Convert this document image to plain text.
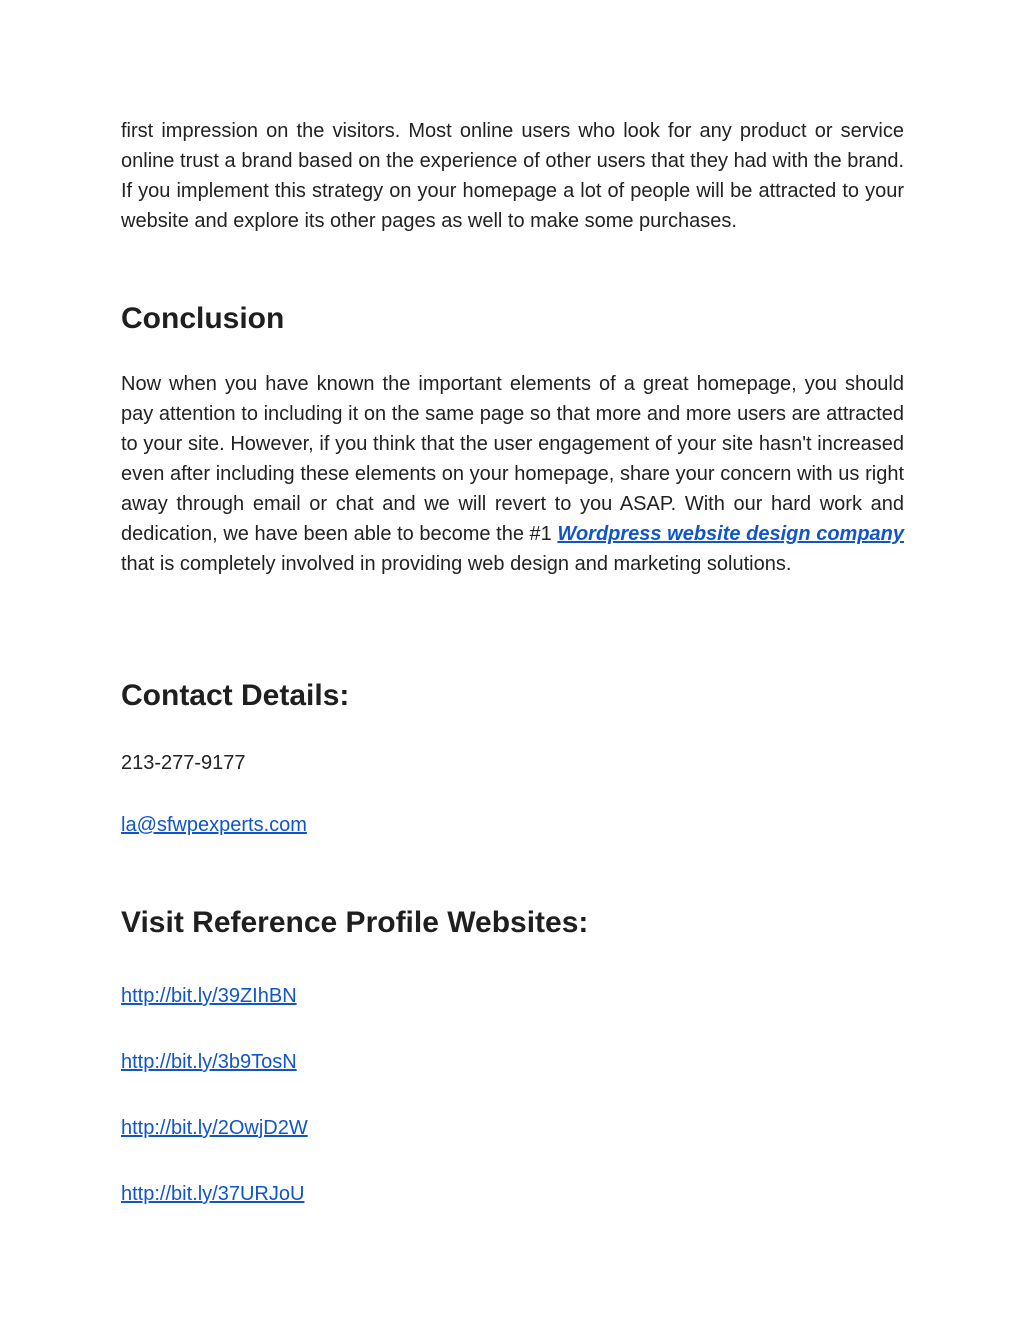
first impression on the visitors. Most online users who look for any product or service online trust a brand based on the experience of other users that they had with the brand. If you implement this strategy on your homepage a lot of people will be attracted to your website and explore its other pages as well to make some purchases.

Conclusion

Now when you have known the important elements of a great homepage, you should pay attention to including it on the same page so that more and more users are attracted to your site. However, if you think that the user engagement of your site hasn't increased even after including these elements on your homepage, share your concern with us right away through email or chat and we will revert to you ASAP. With our hard work and dedication, we have been able to become the #1 Wordpress website design company that is completely involved in providing web design and marketing solutions.

Contact Details:

213-277-9177

la@sfwpexperts.com
Visit Reference Profile Websites:
http://bit.ly/39ZIhBN
http://bit.ly/3b9TosN
http://bit.ly/2OwjD2W
http://bit.ly/37URJoU
